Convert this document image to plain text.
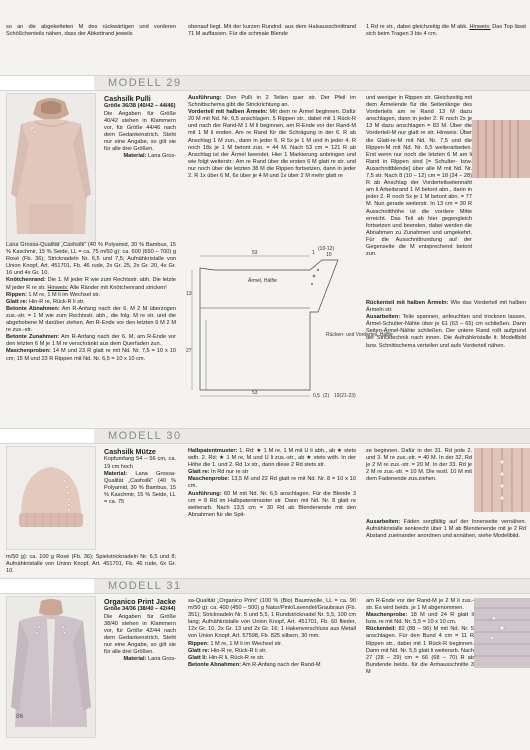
so an die abgeketteten M des rückwärtigen und vorderen Schößchenteils nähen, dass der Abkettrand jeweils
obenauf liegt. Mit der kurzen Rundnd. aus dem Halsausschnittrand 71 M auffassen. Für die schmale Blende
1 Rd re str., dabei gleichzeitig die M abk. Hinweis: Das Top lässt sich beim Tragen 3 bis 4 cm.
MODELL 29
Cashsilk Pulli
Größe 36/38 (40/42 – 44/46)

Die Angaben für Größe 40/42 stehen in Klammern vor, für Größe 44/46 nach dem Gedankenstrich. Steht nur eine Angabe, so gilt sie für alle drei Größen.

Material: Lana Gros-

Lana Grossa-Qualität „Cashsilk“ (40 % Polyamid, 30 % Bambus, 15 % Kaschmir, 15 % Seide, LL = ca. 75 m/50 g): ca. 600 (650 – 700) g Rosé (Fb. 36); Stricknadeln Nr. 6,5 und 7,5; Aufnähkristalle von Union Knopf, Art. 451701, Fb. 46 rude, 2x Gr. 25, 2x Gr. 20, 4x Gr. 16 und 4x Gr. 10.

Knötchenrand: Die 1. M jeder R wie zum Rechtsstr. abh. Die letzte M jeder R re str. Hinweis: Alle Ränder mit Knötchenrand stricken!

Rippen: 1 M re, 1 M li im Wechsel str.

Glatt re: Hin-R re, Rück-R li str.

Betonte Abnahmen: Am R-Anfang nach der 6. M 2 M überzogen zus.-str. = 1 M wie zum Rechtsstr. abh., die folg. M re str. und die abgehobene M darüber ziehen. Am R-Ende vor den letzten 6 M 2 M re zus.-str.

Betonte Zunahmen: Am R-Anfang nach der 6. M, am R-Ende vor den letzten 6 M je 1 M re verschränkt aus dem Querfaden zun.

Maschenproben: 14 M und 23 R glatt re mit Nd. Nr. 7,5 = 10 x 10 cm; 15 M und 23 R Rippen mit Nd. Nr. 6,5 = 10 x 10 cm.

Ausführung: Den Pulli in 2 Teilen quer str. Der Pfeil im Schnittschema gibt die Strickrichtung an.

Vorderteil mit halben Ärmeln: Mit dem re Ärmel beginnen. Dafür 20 M mit Nd. Nr. 6,5 anschlagen. 5 Rippen str., dabei mit 1 Rück-R und nach der Rand-M 1 M li beginnen, am R-Ende vor der Rand-M mit 1 M li enden. Am re Rand für die Schrägung in der 6. R ab Anschlag 1 M zun., dann in jeder 6. R 5x je 1 M und in jeder 4. R noch 18x je 1 M betont zun. = 44 M. Nach 53 cm = 121 R ab Anschlag ist der Ärmel beendet. Hier 1 Markierung anbringen und wie folgt weiterstr.: Am re Rand über die ersten 6 M glatt re str. und nur noch über die letzten 38 M die Rippen fortsetzen, dann in jeder 2. R 1x über 6 M, 6x über je 4 M und 1x über 2 M mehr glatt re

und weniger in Rippen str. Gleichzeitig mit dem Ärmelende für die Seitenlänge des Vorderteils am re Rand 13 M dazu anschlagen, dann in jeder 2. R noch 2x je 13 M dazu anschlagen = 83 M. Über die Vorderteil-M nur glatt re str. Hinweis: Über die Glatt-re-M mit Nd. Nr. 7,5 und die Rippen-M mit Nd. Nr. 6,5 weiterarbeiten. Erst wenn nur noch die letzten 6 M am li Rand in Rippen sind [= Schulter- bzw. Ausschnittblende] über alle M mit Nd. Nr. 7,5 str. Nach 8 (10 – 12) cm = 18 (24 – 28) R ab Anschlag der Vorderteilseitennaht am li Arbeitsrand 1 M betont abn., dann in jeder 2. R noch 5x je 1 M betont abn. = 77 M. Nun gerade weiterstr. In 13 cm = 30 R Ausschnitthöhe ist die vordere Mitte erreicht. Das Teil ab hier gegengleich fortsetzen und beenden, dabei werden die Abnahmen zu Zunahmen und umgekehrt. Für die Ausschnittrundung auf der Gegenseite die M entsprechend betont zun.

Rückenteil mit halben Ärmeln: Wie das Vorderteil mit halben Ärmeln str.

Ausarbeiten: Teile spannen, anfeuchten und trocknen lassen. Ärmel-Schulter-Nähte über je 61 (63 – 65) cm schließen. Dann Seiten-Ärmel-Nähte schließen. Der untere Rand rollt aufgrund der Stricktechnik nach innen. Die Aufnähkristalle lt. Modellbild bzw. Schnittschema verteilen und aufs Vorderteil nähen.

53	1
(10-12)
10
13
27
53
Ärmel, Hälfte
Rücken- und Vorderteil, Hälfte
0,5 (2) 19(21-23)
MODELL 30
Cashsilk Mütze

Kopfumfang 54 – 56 cm, ca. 19 cm hoch

Material: Lana Grossa-Qualität „Cashsilk“ (40 % Polyamid, 30 % Bambus, 15 % Kaschmir, 15 % Seide, LL = ca. 75

m/50 g): ca. 100 g Rosé (Fb. 36); Spielstricknadeln Nr. 6,5 und 8; Aufnähkristalle von Union Knopf, Art. 451701, Fb. 46 rude, 6x Gr. 10.

Halbpatentmuster: 1. Rd: ★ 1 M re, 1 M mit U li abh., ab ★ stets wdh. 2. Rd: ★ 1 M re, M und U li zus.-str., ab ★ stets wdh. In der Höhe die 1. und 2. Rd 1x str., dann diese 2 Rd stets str.

Glatt re: In Rd nur re str

Maschenprobe: 13,5 M und 22 Rd glatt re mit Nd. Nr. 8 = 10 x 10 cm.

Ausführung: 60 M mit Nd. Nr. 6,5 anschlagen. Für die Blende 3 cm = 8 Rd im Halbpatentmuster str. Dann mit Nd. Nr. 8 glatt re weiterarb. Nach 13,5 cm = 30 Rd ab Blendenende mit den Abnahmen für die Spit-

ze beginnen. Dafür in der 31. Rd jede 2. und 3. M re zus.-str. = 40 M. In der 32. Rd je 2 M re zus.-str. = 20 M. In der 33. Rd je 2 M re zus.-str. = 10 M. Die restl. 10 M mit dem Fadenende zus.ziehen.

Ausarbeiten: Fäden sorgfältig auf der Innenseite vernähen. Aufnähkristalle senkrecht über 1 M ab Blendenende mit je 2 Rd Abstand zueinander anordnen und annähen, siehe Modellbild.

MODELL 31
Organico Print Jacke
Größe 34/36 (38/40 – 42/44)

Die Angaben für Größe 38/40 stehen in Klammern vor, für Größe 42/44 nach dem Gedankenstrich. Steht nur eine Angabe, so gilt sie für alle drei Größen.

Material: Lana Gros-

sa-Qualität „Organico Print“ (100 % (Bio) Baumwolle, LL = ca. 90 m/50 g): ca. 400 (450 – 500) g Natur/Pink/Lavendel/Graubraun (Fb. 351); Stricknadeln Nr. 5 und 5,5, 1 Rundstricknadel Nr. 5,5, 100 cm lang; Aufnähkristalle von Union Knopf, Art. 451701, Fb. 60 flieder, 12x Gr. 10, 2x Gr. 13 und 2x Gr. 16; 1 Hakenverschluss aus Metall von Union Knopf, Art. 57598, Fb. 825 silbern, 30 mm.

Rippen: 1 M re, 1 M li im Wechsel str.

Glatt re: Hin-R re, Rück-R li str.

Glatt li: Hin-R li, Rück-R re str.

Betonte Abnahmen: Am R-Anfang nach der Rand-M

am R-Ende vor der Rand-M je 2 M li zus.-str. Es wird beids. je 1 M abgenommen.

Maschenprobe: 18 M und 24 R glatt li bzw. re mit Nd. Nr. 5,5 = 10 x 10 cm.

Rückenteil: 82 (88 – 96) M mit Nd. Nr. 5 anschlagen. Für den Bund 4 cm = 11 R Rippen str., dabei mit 1 Rück-R beginnen. Dann mit Nd. Nr. 5,5 glatt li weiterarb. Nach 27 (28 – 29) cm = 66 (68 – 70) R ab Bundende beids. für die Armausschnitte 3 M

86
